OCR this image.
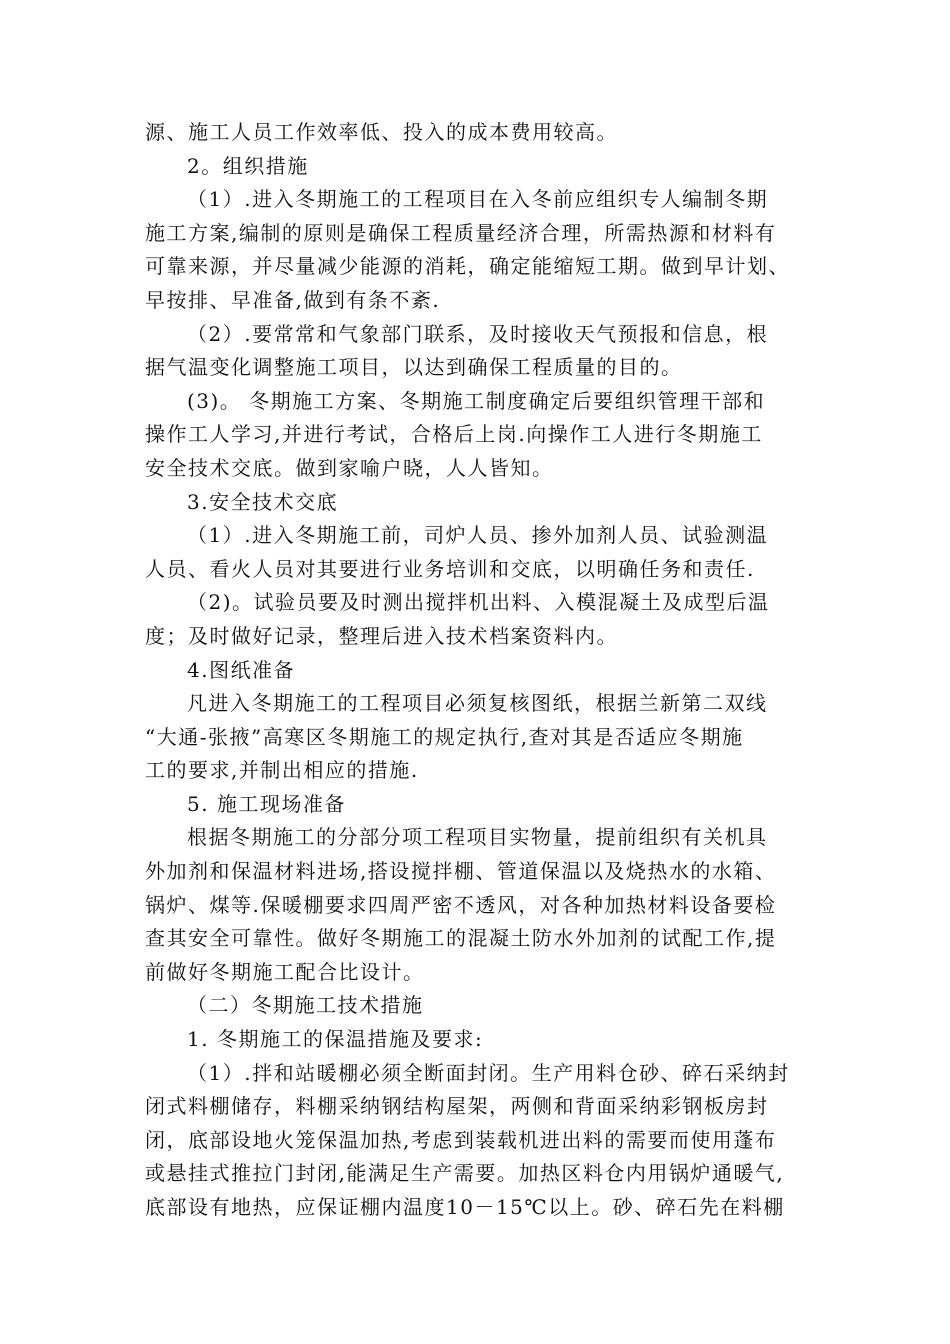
源、施工人员工作效率低、投入的成本费用较高。
2。组织措施
（1）.进入冬期施工的工程项目在入冬前应组织专人编制冬期
施工方案,编制的原则是确保工程质量经济合理，所需热源和材料有
可靠来源，并尽量减少能源的消耗，确定能缩短工期。做到早计划、
早按排、早准备,做到有条不紊.
（2）.要常常和气象部门联系，及时接收天气预报和信息，根
据气温变化调整施工项目，以达到确保工程质量的目的。
(3)。 冬期施工方案、冬期施工制度确定后要组织管理干部和
操作工人学习,并进行考试，合格后上岗.向操作工人进行冬期施工
安全技术交底。做到家喻户晓，人人皆知。
3.安全技术交底
（1）.进入冬期施工前，司炉人员、掺外加剂人员、试验测温
人员、看火人员对其要进行业务培训和交底，以明确任务和责任.
（2)。试验员要及时测出搅拌机出料、入模混凝土及成型后温
度；及时做好记录，整理后进入技术档案资料内。
4.图纸准备
凡进入冬期施工的工程项目必须复核图纸，根据兰新第二双线
“大通-张掖”高寒区冬期施工的规定执行,查对其是否适应冬期施
工的要求,并制出相应的措施.
5. 施工现场准备
根据冬期施工的分部分项工程项目实物量，提前组织有关机具
外加剂和保温材料进场,搭设搅拌棚、管道保温以及烧热水的水箱、
锅炉、煤等.保暖棚要求四周严密不透风，对各种加热材料设备要检
查其安全可靠性。做好冬期施工的混凝土防水外加剂的试配工作,提
前做好冬期施工配合比设计。
（二）冬期施工技术措施
1. 冬期施工的保温措施及要求:
（1）.拌和站暖棚必须全断面封闭。生产用料仓砂、碎石采纳封
闭式料棚储存，料棚采纳钢结构屋架，两侧和背面采纳彩钢板房封
闭，底部设地火笼保温加热,考虑到装载机进出料的需要而使用蓬布
或悬挂式推拉门封闭,能满足生产需要。加热区料仓内用锅炉通暖气,
底部设有地热，应保证棚内温度10－15℃以上。砂、碎石先在料棚
